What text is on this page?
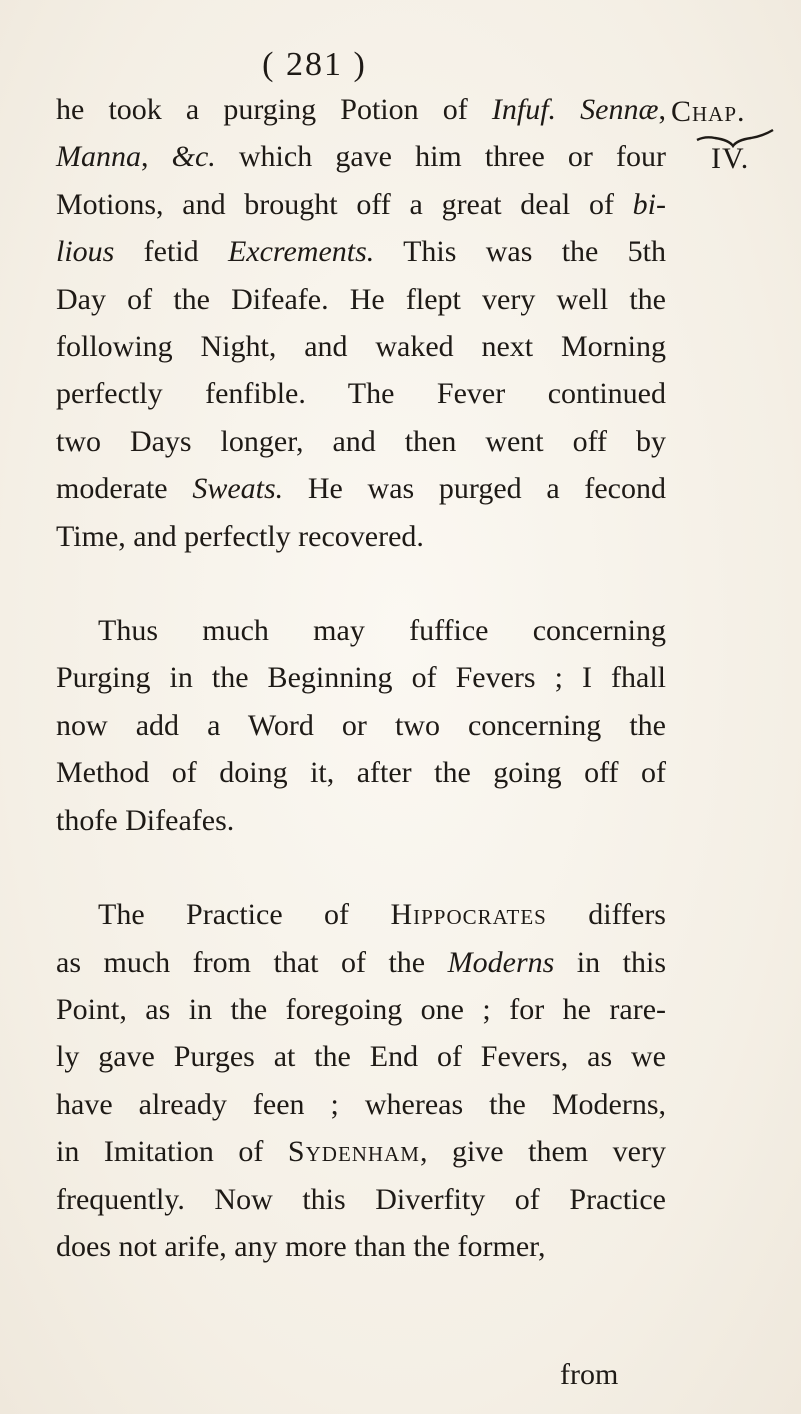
( 281 )
Chap.
IV.

he took a purging Potion of Infuf. Sennæ,
Manna, &c. which gave him three or four
Motions, and brought off a great deal of bi-
lious fetid Excrements. This was the 5th
Day of the Difeafe. He flept very well the
following Night, and waked next Morning
perfectly fenfible. The Fever continued
two Days longer, and then went off by
moderate Sweats. He was purged a fecond
Time, and perfectly recovered.

Thus much may fuffice concerning
Purging in the Beginning of Fevers ; I fhall
now add a Word or two concerning the
Method of doing it, after the going off of
thofe Difeafes.

The Practice of Hippocrates differs
as much from that of the Moderns in this
Point, as in the foregoing one ; for he rare-
ly gave Purges at the End of Fevers, as we
have already feen ; whereas the Moderns,
in Imitation of Sydenham, give them very
frequently. Now this Diverfity of Practice
does not arife, any more than the former,

from
